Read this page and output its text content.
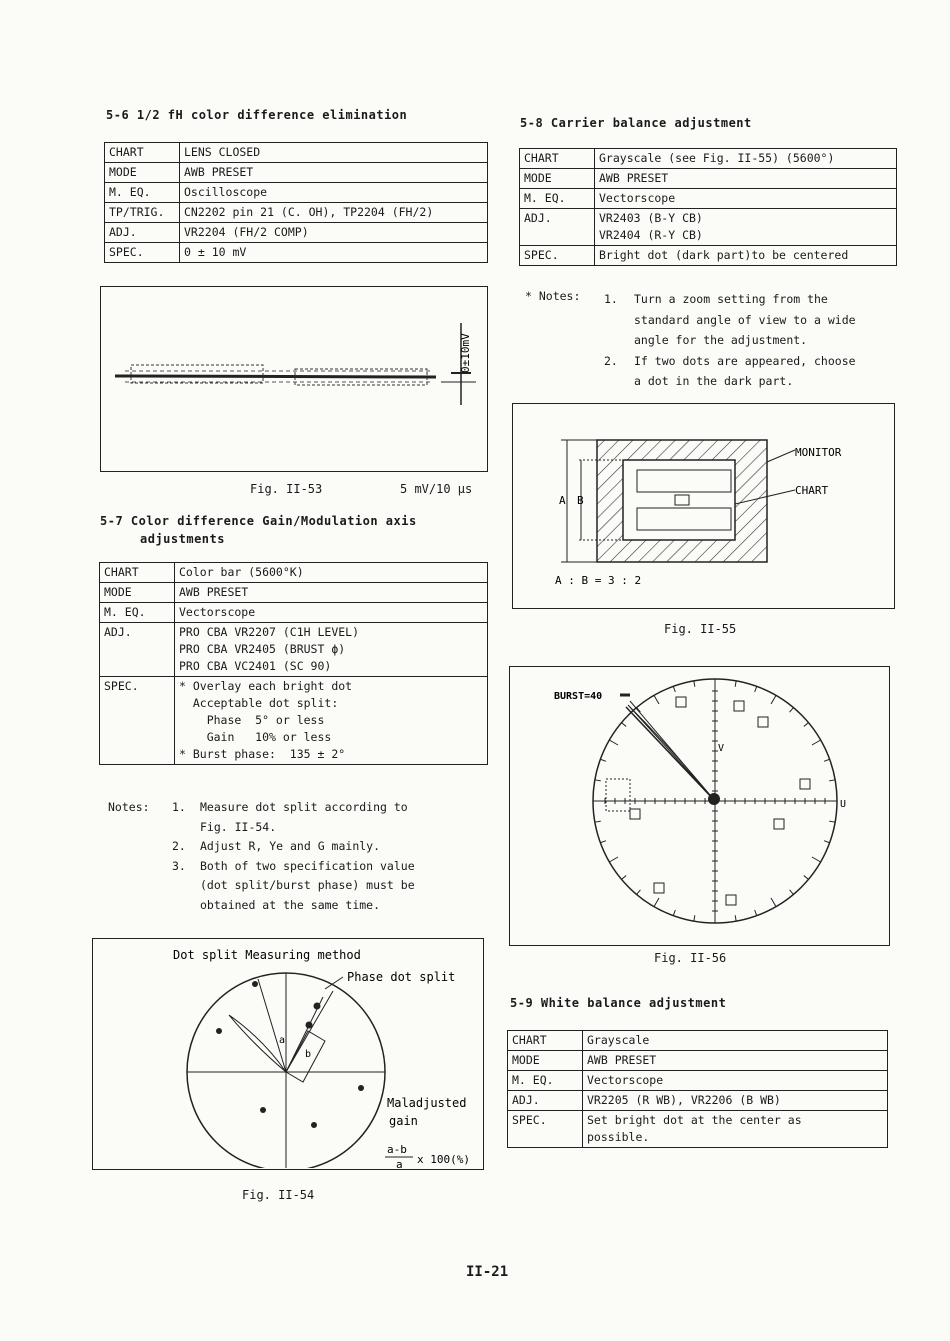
5-6 1/2 fH color difference elimination
CHART	LENS CLOSED
MODE	AWB PRESET
M. EQ.	Oscilloscope
TP/TRIG.	CN2202 pin 21 (C. OH), TP2204 (FH/2)
ADJ.	VR2204 (FH/2 COMP)
SPEC.	0 ± 10 mV
0±10mV
Fig. II-53	5 mV/10 μs
5-7 Color difference Gain/Modulation axis
adjustments
CHART	Color bar (5600°K)

MODE	AWB PRESET

M. EQ.	Vectorscope

ADJ.	PRO CBA VR2207 (C1H LEVEL)
PRO CBA VR2405 (BRUST ϕ)
PRO CBA VC2401 (SC 90)

SPEC.	* Overlay each bright dot
Acceptable dot split:
Phase  5° or less
Gain   10% or less
* Burst phase:  135 ± 2°
Notes: 1. Measure dot split according to
Fig. II-54.
2. Adjust R, Ye and G mainly.
3. Both of two specification value
(dot split/burst phase) must be
obtained at the same time.
Dot split Measuring method
Phase dot split
a
b
Maladjusted
gain
a-b
a x 100(%)
Fig. II-54
5-8 Carrier balance adjustment
CHART	Grayscale (see Fig. II-55) (5600°)

MODE	AWB PRESET

M. EQ.	Vectorscope

ADJ.	VR2403 (B-Y CB)
VR2404 (R-Y CB)

SPEC.	Bright dot (dark part)to be centered
* Notes: 1. Turn a zoom setting from the
standard angle of view to a wide
angle for the adjustment.
2. If two dots are appeared, choose
a dot in the dark part.
A B
MONITOR
CHART
A : B = 3 : 2
Fig. II-55
BURST=40
U
V
Fig. II-56
5-9 White balance adjustment
CHART	Grayscale

MODE	AWB PRESET

M. EQ.	Vectorscope

ADJ.	VR2205 (R WB), VR2206 (B WB)

SPEC.	Set bright dot at the center as
possible.
II-21
